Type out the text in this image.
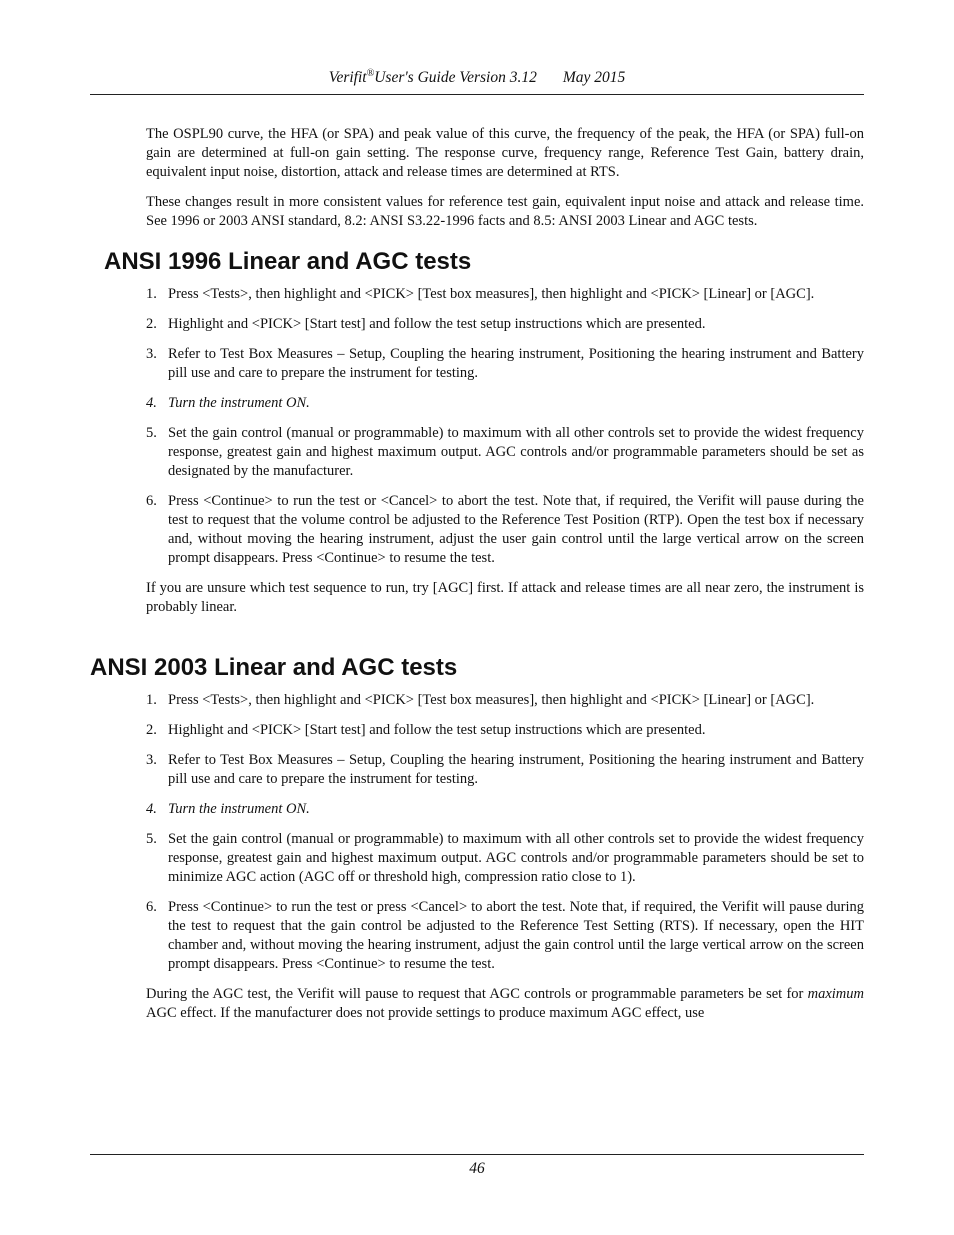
Verifit®User's Guide Version 3.12 May 2015

The OSPL90 curve, the HFA (or SPA) and peak value of this curve, the frequency of the peak, the HFA (or SPA) full-on gain are determined at full-on gain setting. The response curve, frequency range, Reference Test Gain, battery drain, equivalent input noise, distortion, attack and release times are determined at RTS.

These changes result in more consistent values for reference test gain, equivalent input noise and attack and release time. See 1996 or 2003 ANSI standard, 8.2: ANSI S3.22-1996 facts and 8.5: ANSI 2003 Linear and AGC tests.

ANSI 1996 Linear and AGC tests
1. Press <Tests>, then highlight and <PICK> [Test box measures], then highlight and <PICK> [Linear] or [AGC].
2. Highlight and <PICK> [Start test] and follow the test setup instructions which are presented.
3. Refer to Test Box Measures – Setup, Coupling the hearing instrument, Positioning the hearing instrument and Battery pill use and care to prepare the instrument for testing.
4. Turn the instrument ON.
5. Set the gain control (manual or programmable) to maximum with all other controls set to provide the widest frequency response, greatest gain and highest maximum output. AGC controls and/or programmable parameters should be set as designated by the manufacturer.
6. Press <Continue> to run the test or <Cancel> to abort the test. Note that, if required, the Verifit will pause during the test to request that the volume control be adjusted to the Reference Test Position (RTP). Open the test box if necessary and, without moving the hearing instrument, adjust the user gain control until the large vertical arrow on the screen prompt disappears. Press <Continue> to resume the test.

If you are unsure which test sequence to run, try [AGC] first. If attack and release times are all near zero, the instrument is probably linear.

ANSI 2003 Linear and AGC tests
1. Press <Tests>, then highlight and <PICK> [Test box measures], then highlight and <PICK> [Linear] or [AGC].
2. Highlight and <PICK> [Start test] and follow the test setup instructions which are presented.
3. Refer to Test Box Measures – Setup, Coupling the hearing instrument, Positioning the hearing instrument and Battery pill use and care to prepare the instrument for testing.
4. Turn the instrument ON.
5. Set the gain control (manual or programmable) to maximum with all other controls set to provide the widest frequency response, greatest gain and highest maximum output. AGC controls and/or programmable parameters should be set to minimize AGC action (AGC off or threshold high, compression ratio close to 1).
6. Press <Continue> to run the test or press <Cancel> to abort the test. Note that, if required, the Verifit will pause during the test to request that the gain control be adjusted to the Reference Test Setting (RTS). If necessary, open the HIT chamber and, without moving the hearing instrument, adjust the gain control until the large vertical arrow on the screen prompt disappears. Press <Continue> to resume the test.

During the AGC test, the Verifit will pause to request that AGC controls or programmable parameters be set for maximum AGC effect. If the manufacturer does not provide settings to produce maximum AGC effect, use

46
